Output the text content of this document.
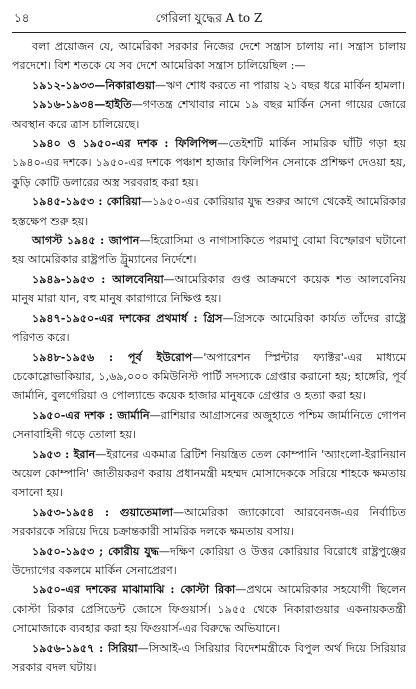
১৪	গেরিলা যুদ্ধের A to Z

বলা প্রয়োজন যে, আমেরিকা সরকার নিজের দেশে সন্ত্রাস চালায় না। সন্ত্রাস চালায় পরদেশে। বিশ শতকে যে সব দেশে আমেরিকা সন্ত্রাস চালিয়েছিল :—

১৯১২-১৯৩৩—নিকারাগুয়া—ঋণ শোধ করতে না পারায় ২১ বছর ধরে মার্কিন হামলা।

১৯১৬-১৯৩৪—হাইতি—গণতন্ত্র শেখাবার নামে ১৯ বছর মার্কিন সেনা গায়ের জোরে অবস্থান করে ত্রাস চালিয়েছে।

১৯৪০ ও ১৯৫০-এর দশক : ফিলিপিন্স—তেইশটি মার্কিন সামরিক ঘাঁটি গড়া হয় ১৯৪০-এর দশকে। ১৯৫০-এর দশকে পঞ্চাশ হাজার ফিলিপিন সেনাকে প্রশিক্ষণ দেওয়া হয়, কুড়ি কোটি ডলারের অস্ত্র সরবরাহ করা হয়।

১৯৪৫-১৯৫৩ : কোরিয়া—১৯৫০-এর কোরিয়ার যুদ্ধ শুরুর আগে থেকেই আমেরিকার হস্তক্ষেপ শুরু হয়।

আগস্ট ১৯৪৫ : জাপান—হিরোসিমা ও নাগাসাকিতে পরমাণু বোমা বিস্ফোরণ ঘটানো হয় আমেরিকার রাষ্ট্রপতি ট্রুম্যানের নির্দেশে।

১৯৪৯-১৯৫৩ : আলবেনিয়া—আমেরিকার গুপ্ত আক্রমণে কয়েক শত আলবেনিয় মানুষ মারা যান, বহু মানুষ কারাগারে নিক্ষিপ্ত হয়।

১৯৪৭-১৯৫০-এর দশকের প্রথমার্ধ : গ্রিস—গ্রিসকে আমেরিকা কার্যত তাঁদের রাষ্ট্রে পরিণত করে।

১৯৪৮-১৯৫৬ : পূর্ব ইউরোপ—'অপারেশন স্প্লিন্টার ফ্যাক্টর'-এর মাধ্যমে চেকোস্লোভাকিয়ার, ১,৬৯,০০০ কমিউনিস্ট পার্টি সদস্যকে গ্রেপ্তার করানো হয়; হাঙ্গেরি, পূর্ব জার্মানি, বুলগেরিয়া ও পোল্যান্ডে কয়েক হাজার মানুষকে গ্রেপ্তার ও হত্যা করা হয়।

১৯৫০-এর দশক : জার্মানি—রাশিয়ার আগ্রাসনের অজুহাতে পশ্চিম জার্মানিতে গোপন সেনাবাহিনী গড়ে তোলা হয়।

১৯৫৩ : ইরান—ইরানের একমাত্র ব্রিটিশ নিয়ন্ত্রিত তেল কোম্পানি 'অ্যাংলো-ইরানিয়ান অয়েল কোম্পানি' জাতীয়করণ করায় প্রধানমন্ত্রী মহম্মদ মোসাদেককে সরিয়ে শাহকে ক্ষমতায় বসানো হয়।

১৯৫৩-১৯৫৪ : গুয়াতেমালা—আমেরিকা জ্যাকোবো আরবেনজ-এর নির্বাচিত সরকারকে সরিয়ে দিয়ে চক্রান্তকারী সামরিক দলকে ক্ষমতায় বসায়।

১৯৫০-১৯৫৩ ; কোরীয় যুদ্ধ—দক্ষিণ কোরিয়া ও উত্তর কোরিয়ার বিরোধে রাষ্ট্রপুঞ্জের উদ্যোগের বকলমে মার্কিন সেনাপ্রেরণ।

১৯৫০-এর দশকের মাঝামাঝি : কোস্টা রিকা—প্রথমে আমেরিকার সহযোগী ছিলেন কোস্টা রিকার প্রেসিডেন্ট জোসে ফিগুয়ার্স। ১৯৫৫ থেকে নিকারাগুয়ার একনায়কতন্ত্রী সোমোজাকে ব্যবহার করা হয় ফিগুয়ার্স-এর বিরুদ্ধে অভিযানে।

১৯৫৬-১৯৫৭ : সিরিয়া—সিআই-এ সিরিয়ার বিদেশমন্ত্রীকে বিপুল অর্থ দিয়ে সিরিয়ার সরকার বদল ঘটায়।
